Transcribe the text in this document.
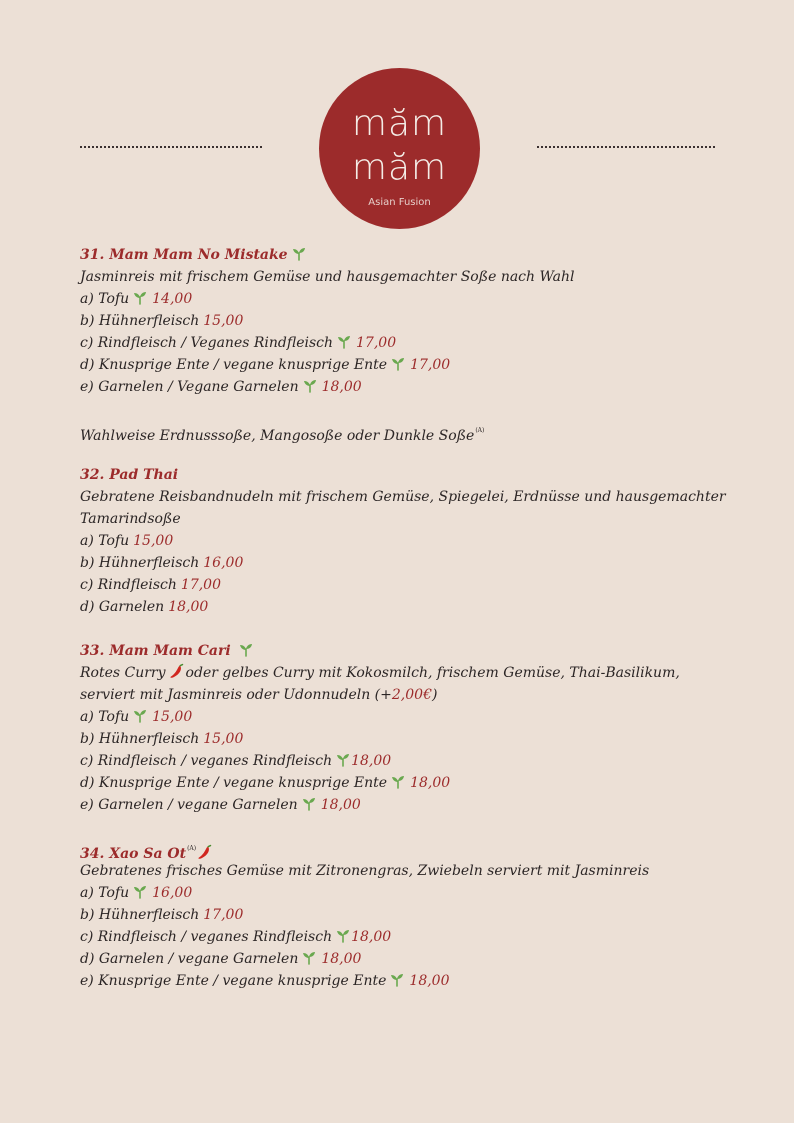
măm
măm
Asian Fusion
31. Mam Mam No Mistake
Jasminreis mit frischem Gemüse und hausgemachter Soße nach Wahl
a) Tofu 14,00
b) Hühnerfleisch 15,00
c) Rindfleisch / Veganes Rindfleisch 17,00
d) Knusprige Ente / vegane knusprige Ente 17,00
e) Garnelen / Vegane Garnelen 18,00
Wahlweise Erdnusssoße, Mangosoße oder Dunkle Soße$^{(A)}$
32. Pad Thai
Gebratene Reisbandnudeln mit frischem Gemüse, Spiegelei, Erdnüsse und hausgemachter Tamarindsoße
a) Tofu 15,00
b) Hühnerfleisch 16,00
c) Rindfleisch 17,00
d) Garnelen 18,00
33. Mam Mam Cari
Rotes Curry oder gelbes Curry mit Kokosmilch, frischem Gemüse, Thai-Basilikum,
serviert mit Jasminreis oder Udonnudeln (+2,00€)
a) Tofu 15,00
b) Hühnerfleisch 15,00
c) Rindfleisch / veganes Rindfleisch 18,00
d) Knusprige Ente / vegane knusprige Ente 18,00
e) Garnelen / vegane Garnelen 18,00
34. Xao Sa $Ot^{(A)}$
Gebratenes frisches Gemüse mit Zitronengras, Zwiebeln serviert mit Jasminreis
a) Tofu 16,00
b) Hühnerfleisch 17,00
c) Rindfleisch / veganes Rindfleisch 18,00
d) Garnelen / vegane Garnelen 18,00
e) Knusprige Ente / vegane knusprige Ente 18,00
